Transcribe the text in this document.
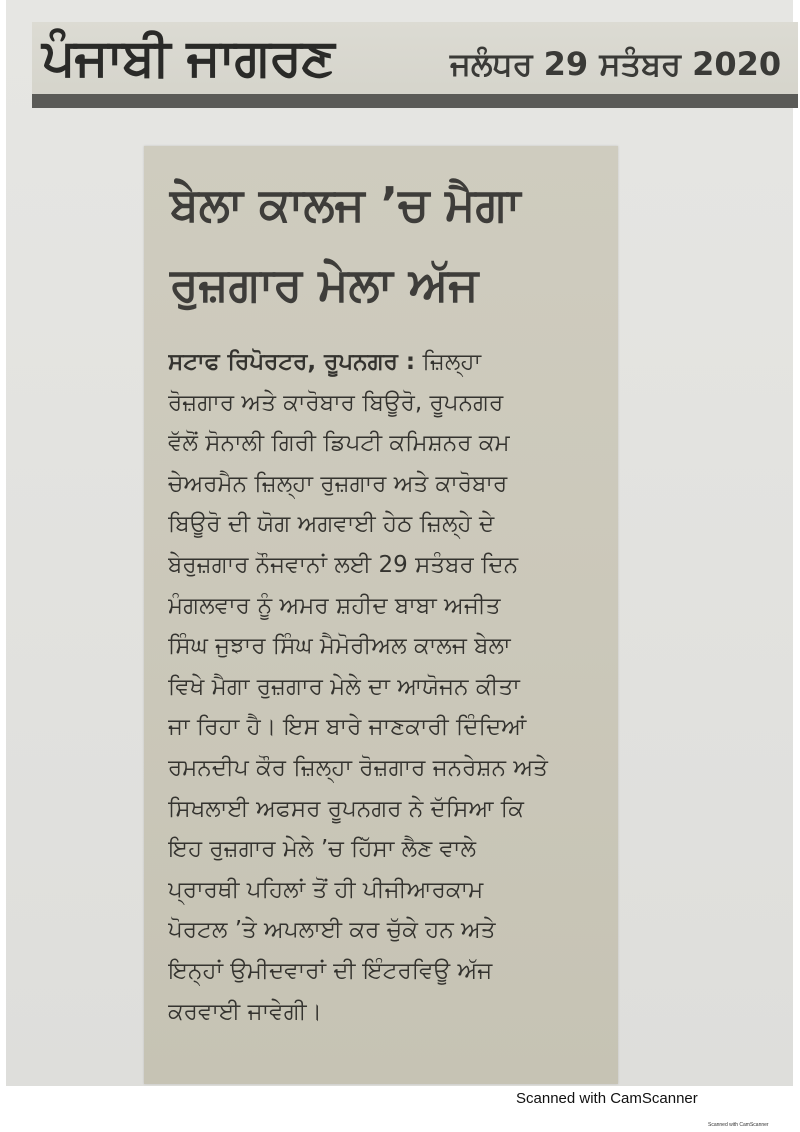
ਪੰਜਾਬੀ ਜਾਗਰਣ	ਜਲੰਧਰ 29 ਸਤੰਬਰ 2020
ਬੇਲਾ ਕਾਲਜ ’ਚ ਮੈਗਾ
ਰੁਜ਼ਗਾਰ ਮੇਲਾ ਅੱਜ
ਸਟਾਫ ਰਿਪੋਰਟਰ, ਰੂਪਨਗਰ : ਜ਼ਿਲ੍ਹਾ
ਰੋਜ਼ਗਾਰ ਅਤੇ ਕਾਰੋਬਾਰ ਬਿਊਰੋ, ਰੂਪਨਗਰ
ਵੱਲੋਂ ਸੋਨਾਲੀ ਗਿਰੀ ਡਿਪਟੀ ਕਮਿਸ਼ਨਰ ਕਮ
ਚੇਅਰਮੈਨ ਜ਼ਿਲ੍ਹਾ ਰੁਜ਼ਗਾਰ ਅਤੇ ਕਾਰੋਬਾਰ
ਬਿਊਰੋ ਦੀ ਯੋਗ ਅਗਵਾਈ ਹੇਠ ਜ਼ਿਲ੍ਹੇ ਦੇ
ਬੇਰੁਜ਼ਗਾਰ ਨੌਜਵਾਨਾਂ ਲਈ 29 ਸਤੰਬਰ ਦਿਨ
ਮੰਗਲਵਾਰ ਨੂੰ ਅਮਰ ਸ਼ਹੀਦ ਬਾਬਾ ਅਜੀਤ
ਸਿੰਘ ਜੁਝਾਰ ਸਿੰਘ ਮੈਮੋਰੀਅਲ ਕਾਲਜ ਬੇਲਾ
ਵਿਖੇ ਮੈਗਾ ਰੁਜ਼ਗਾਰ ਮੇਲੇ ਦਾ ਆਯੋਜਨ ਕੀਤਾ
ਜਾ ਰਿਹਾ ਹੈ। ਇਸ ਬਾਰੇ ਜਾਣਕਾਰੀ ਦਿੰਦਿਆਂ
ਰਮਨਦੀਪ ਕੌਰ ਜ਼ਿਲ੍ਹਾ ਰੋਜ਼ਗਾਰ ਜਨਰੇਸ਼ਨ ਅਤੇ
ਸਿਖਲਾਈ ਅਫਸਰ ਰੂਪਨਗਰ ਨੇ ਦੱਸਿਆ ਕਿ
ਇਹ ਰੁਜ਼ਗਾਰ ਮੇਲੇ ’ਚ ਹਿੱਸਾ ਲੈਣ ਵਾਲੇ
ਪ੍ਰਾਰਥੀ ਪਹਿਲਾਂ ਤੋਂ ਹੀ ਪੀਜੀਆਰਕਾਮ
ਪੋਰਟਲ ’ਤੇ ਅਪਲਾਈ ਕਰ ਚੁੱਕੇ ਹਨ ਅਤੇ
ਇਨ੍ਹਾਂ ਉਮੀਦਵਾਰਾਂ ਦੀ ਇੰਟਰਵਿਊ ਅੱਜ
ਕਰਵਾਈ ਜਾਵੇਗੀ।
Scanned with CamScanner
Scanned with CamScanner
